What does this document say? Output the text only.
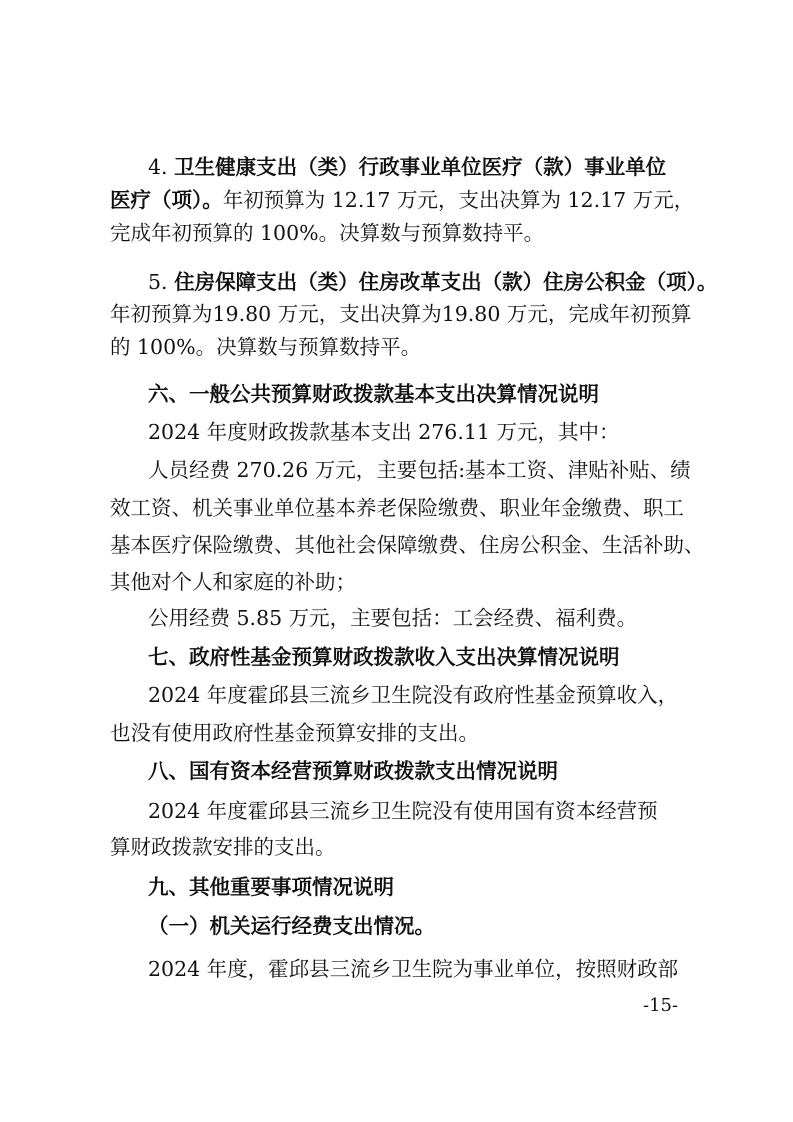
4. 卫生健康支出（类）行政事业单位医疗（款）事业单位
医疗（项）。年初预算为 12.17 万元，支出决算为 12.17 万元，
完成年初预算的 100%。决算数与预算数持平。
5. 住房保障支出（类）住房改革支出（款）住房公积金（项）。
年初预算为19.80 万元，支出决算为19.80 万元，完成年初预算
的 100%。决算数与预算数持平。
六、一般公共预算财政拨款基本支出决算情况说明
2024 年度财政拨款基本支出 276.11 万元，其中：
人员经费 270.26 万元，主要包括:基本工资、津贴补贴、绩
效工资、机关事业单位基本养老保险缴费、职业年金缴费、职工
基本医疗保险缴费、其他社会保障缴费、住房公积金、生活补助、
其他对个人和家庭的补助；
公用经费 5.85 万元，主要包括：工会经费、福利费。
七、政府性基金预算财政拨款收入支出决算情况说明
2024 年度霍邱县三流乡卫生院没有政府性基金预算收入，
也没有使用政府性基金预算安排的支出。
八、国有资本经营预算财政拨款支出情况说明
2024 年度霍邱县三流乡卫生院没有使用国有资本经营预
算财政拨款安排的支出。
九、其他重要事项情况说明
（一）机关运行经费支出情况。
2024 年度，霍邱县三流乡卫生院为事业单位，按照财政部
-15-
